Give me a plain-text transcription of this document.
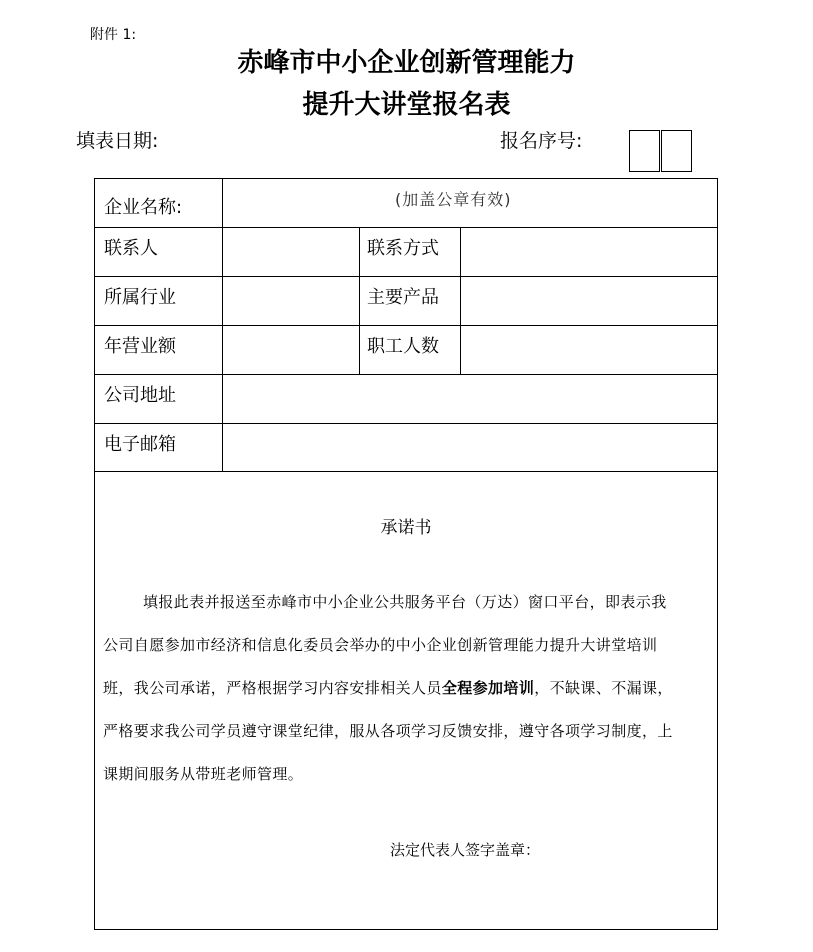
附件 1:
赤峰市中小企业创新管理能力
提升大讲堂报名表
填表日期:	报名序号:
企业名称:	(加盖公章有效)
联系人	联系方式
所属行业	主要产品
年营业额	职工人数
公司地址
电子邮箱
承诺书
填报此表并报送至赤峰市中小企业公共服务平台（万达）窗口平台，即表示我
公司自愿参加市经济和信息化委员会举办的中小企业创新管理能力提升大讲堂培训
班，我公司承诺，严格根据学习内容安排相关人员全程参加培训，不缺课、不漏课，
严格要求我公司学员遵守课堂纪律，服从各项学习反馈安排，遵守各项学习制度，上
课期间服务从带班老师管理。
法定代表人签字盖章：
